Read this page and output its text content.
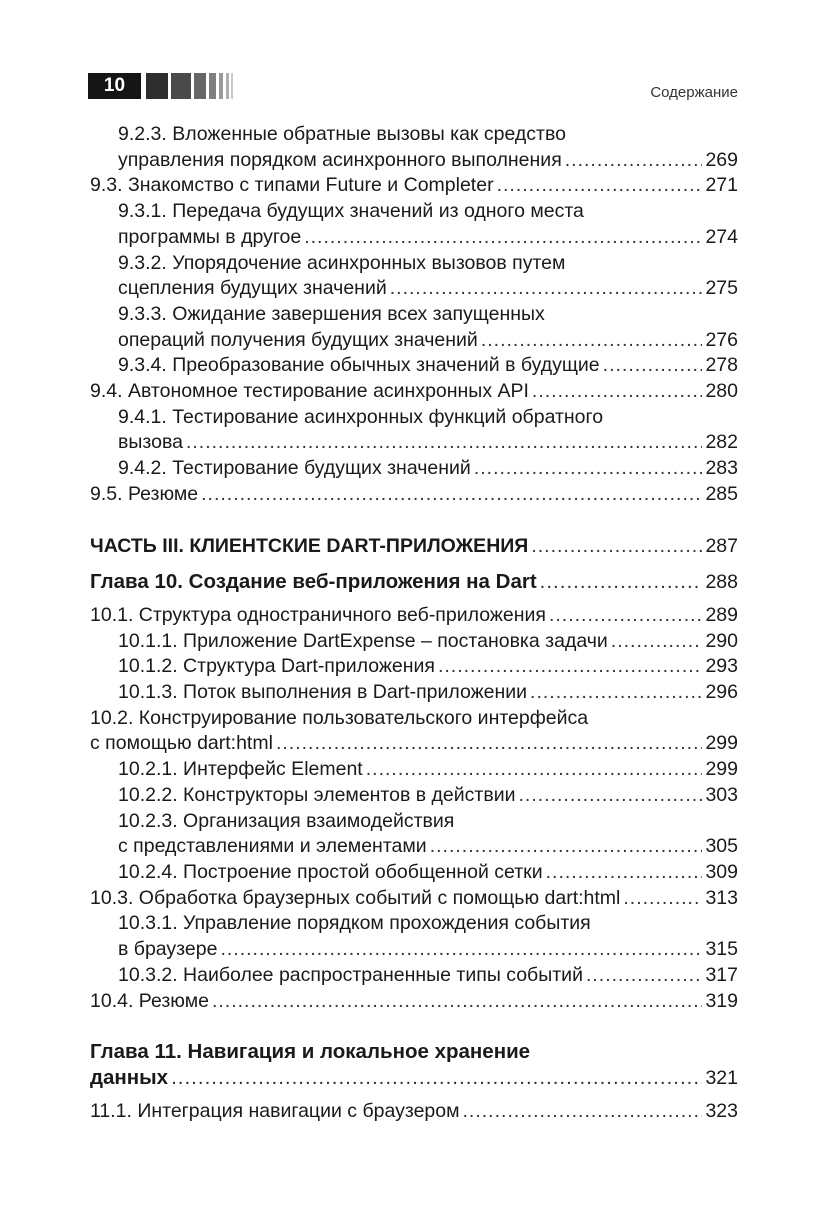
10	Содержание
9.2.3. Вложенные обратные вызовы как средство
управления порядком асинхронного выполнения .....	269
9.3. Знакомство с типами Future и Completer .....	271
9.3.1. Передача будущих значений из одного места
программы в другое .....	274
9.3.2. Упорядочение асинхронных вызовов путем
сцепления будущих значений .....	275
9.3.3. Ожидание завершения всех запущенных
операций получения будущих значений .....	276
9.3.4. Преобразование обычных значений в будущие .....	278
9.4. Автономное тестирование асинхронных API .....	280
9.4.1. Тестирование асинхронных функций обратного
вызова .....	282
9.4.2. Тестирование будущих значений .....	283
9.5. Резюме .....	285
ЧАСТЬ III. КЛИЕНТСКИЕ DART-ПРИЛОЖЕНИЯ .....	287
Глава 10. Создание веб-приложения на Dart .....	288
10.1. Структура одностраничного веб-приложения .....	289
10.1.1. Приложение DartExpense – постановка задачи .....	290
10.1.2. Структура Dart-приложения .....	293
10.1.3. Поток выполнения в Dart-приложении .....	296
10.2. Конструирование пользовательского интерфейса
с помощью dart:html .....	299
10.2.1. Интерфейс Element .....	299
10.2.2. Конструкторы элементов в действии .....	303
10.2.3. Организация взаимодействия
с представлениями и элементами .....	305
10.2.4. Построение простой обобщенной сетки .....	309
10.3. Обработка браузерных событий с помощью dart:html .....	313
10.3.1. Управление порядком прохождения события
в браузере .....	315
10.3.2. Наиболее распространенные типы событий .....	317
10.4. Резюме .....	319
Глава 11. Навигация и локальное хранение
данных .....	321
11.1. Интеграция навигации с браузером .....	323
